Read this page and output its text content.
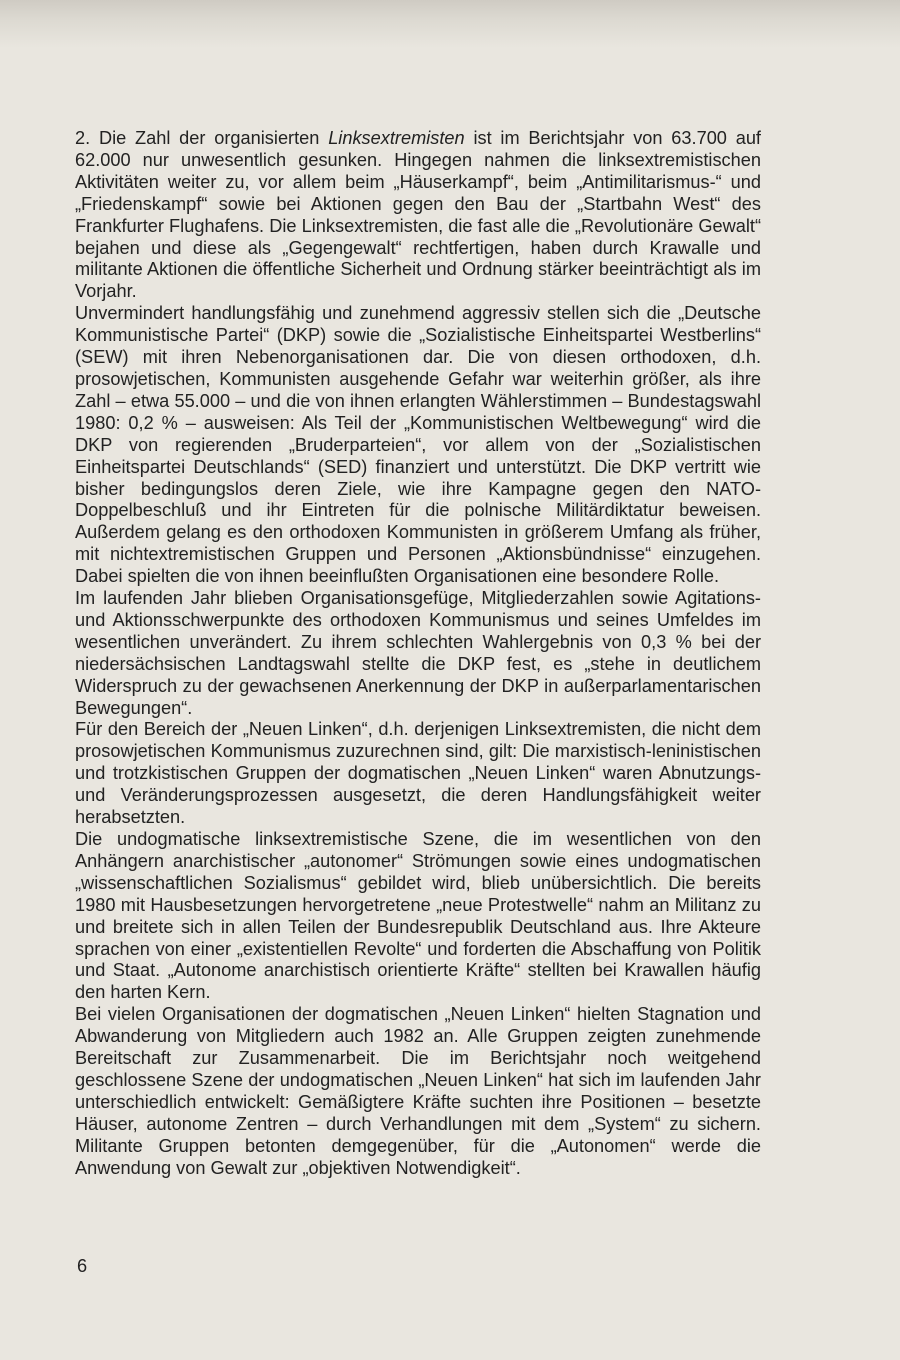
2. Die Zahl der organisierten Linksextremisten ist im Berichtsjahr von 63.700 auf 62.000 nur unwesentlich gesunken. Hingegen nahmen die linksextremistischen Aktivitäten weiter zu, vor allem beim „Häuserkampf“, beim „Antimilitarismus-“ und „Friedenskampf“ sowie bei Aktionen gegen den Bau der „Startbahn West“ des Frankfurter Flughafens. Die Linksextremisten, die fast alle die „Revolutionäre Gewalt“ bejahen und diese als „Gegengewalt“ rechtfertigen, haben durch Krawalle und militante Aktionen die öffentliche Sicherheit und Ordnung stärker beeinträchtigt als im Vorjahr.

Unvermindert handlungsfähig und zunehmend aggressiv stellen sich die „Deutsche Kommunistische Partei“ (DKP) sowie die „Sozialistische Einheitspartei Westberlins“ (SEW) mit ihren Nebenorganisationen dar. Die von diesen orthodoxen, d.h. prosowjetischen, Kommunisten ausgehende Gefahr war weiterhin größer, als ihre Zahl – etwa 55.000 – und die von ihnen erlangten Wählerstimmen – Bundestagswahl 1980: 0,2 % – ausweisen: Als Teil der „Kommunistischen Weltbewegung“ wird die DKP von regierenden „Bruderparteien“, vor allem von der „Sozialistischen Einheitspartei Deutschlands“ (SED) finanziert und unterstützt. Die DKP vertritt wie bisher bedingungslos deren Ziele, wie ihre Kampagne gegen den NATO-Doppelbeschluß und ihr Eintreten für die polnische Militärdiktatur beweisen. Außerdem gelang es den orthodoxen Kommunisten in größerem Umfang als früher, mit nichtextremistischen Gruppen und Personen „Aktionsbündnisse“ einzugehen. Dabei spielten die von ihnen beeinflußten Organisationen eine besondere Rolle.

Im laufenden Jahr blieben Organisationsgefüge, Mitgliederzahlen sowie Agitations- und Aktionsschwerpunkte des orthodoxen Kommunismus und seines Umfeldes im wesentlichen unverändert. Zu ihrem schlechten Wahlergebnis von 0,3 % bei der niedersächsischen Landtagswahl stellte die DKP fest, es „stehe in deutlichem Widerspruch zu der gewachsenen Anerkennung der DKP in außerparlamentarischen Bewegungen“.

Für den Bereich der „Neuen Linken“, d.h. derjenigen Linksextremisten, die nicht dem prosowjetischen Kommunismus zuzurechnen sind, gilt: Die marxistisch-leninistischen und trotzkistischen Gruppen der dogmatischen „Neuen Linken“ waren Abnutzungs- und Veränderungsprozessen ausgesetzt, die deren Handlungsfähigkeit weiter herabsetzten.

Die undogmatische linksextremistische Szene, die im wesentlichen von den Anhängern anarchistischer „autonomer“ Strömungen sowie eines undogmatischen „wissenschaftlichen Sozialismus“ gebildet wird, blieb unübersichtlich. Die bereits 1980 mit Hausbesetzungen hervorgetretene „neue Protestwelle“ nahm an Militanz zu und breitete sich in allen Teilen der Bundesrepublik Deutschland aus. Ihre Akteure sprachen von einer „existentiellen Revolte“ und forderten die Abschaffung von Politik und Staat. „Autonome anarchistisch orientierte Kräfte“ stellten bei Krawallen häufig den harten Kern.

Bei vielen Organisationen der dogmatischen „Neuen Linken“ hielten Stagnation und Abwanderung von Mitgliedern auch 1982 an. Alle Gruppen zeigten zunehmende Bereitschaft zur Zusammenarbeit. Die im Berichtsjahr noch weitgehend geschlossene Szene der undogmatischen „Neuen Linken“ hat sich im laufenden Jahr unterschiedlich entwickelt: Gemäßigtere Kräfte suchten ihre Positionen – besetzte Häuser, autonome Zentren – durch Verhandlungen mit dem „System“ zu sichern. Militante Gruppen betonten demgegenüber, für die „Autonomen“ werde die Anwendung von Gewalt zur „objektiven Notwendigkeit“.

6
